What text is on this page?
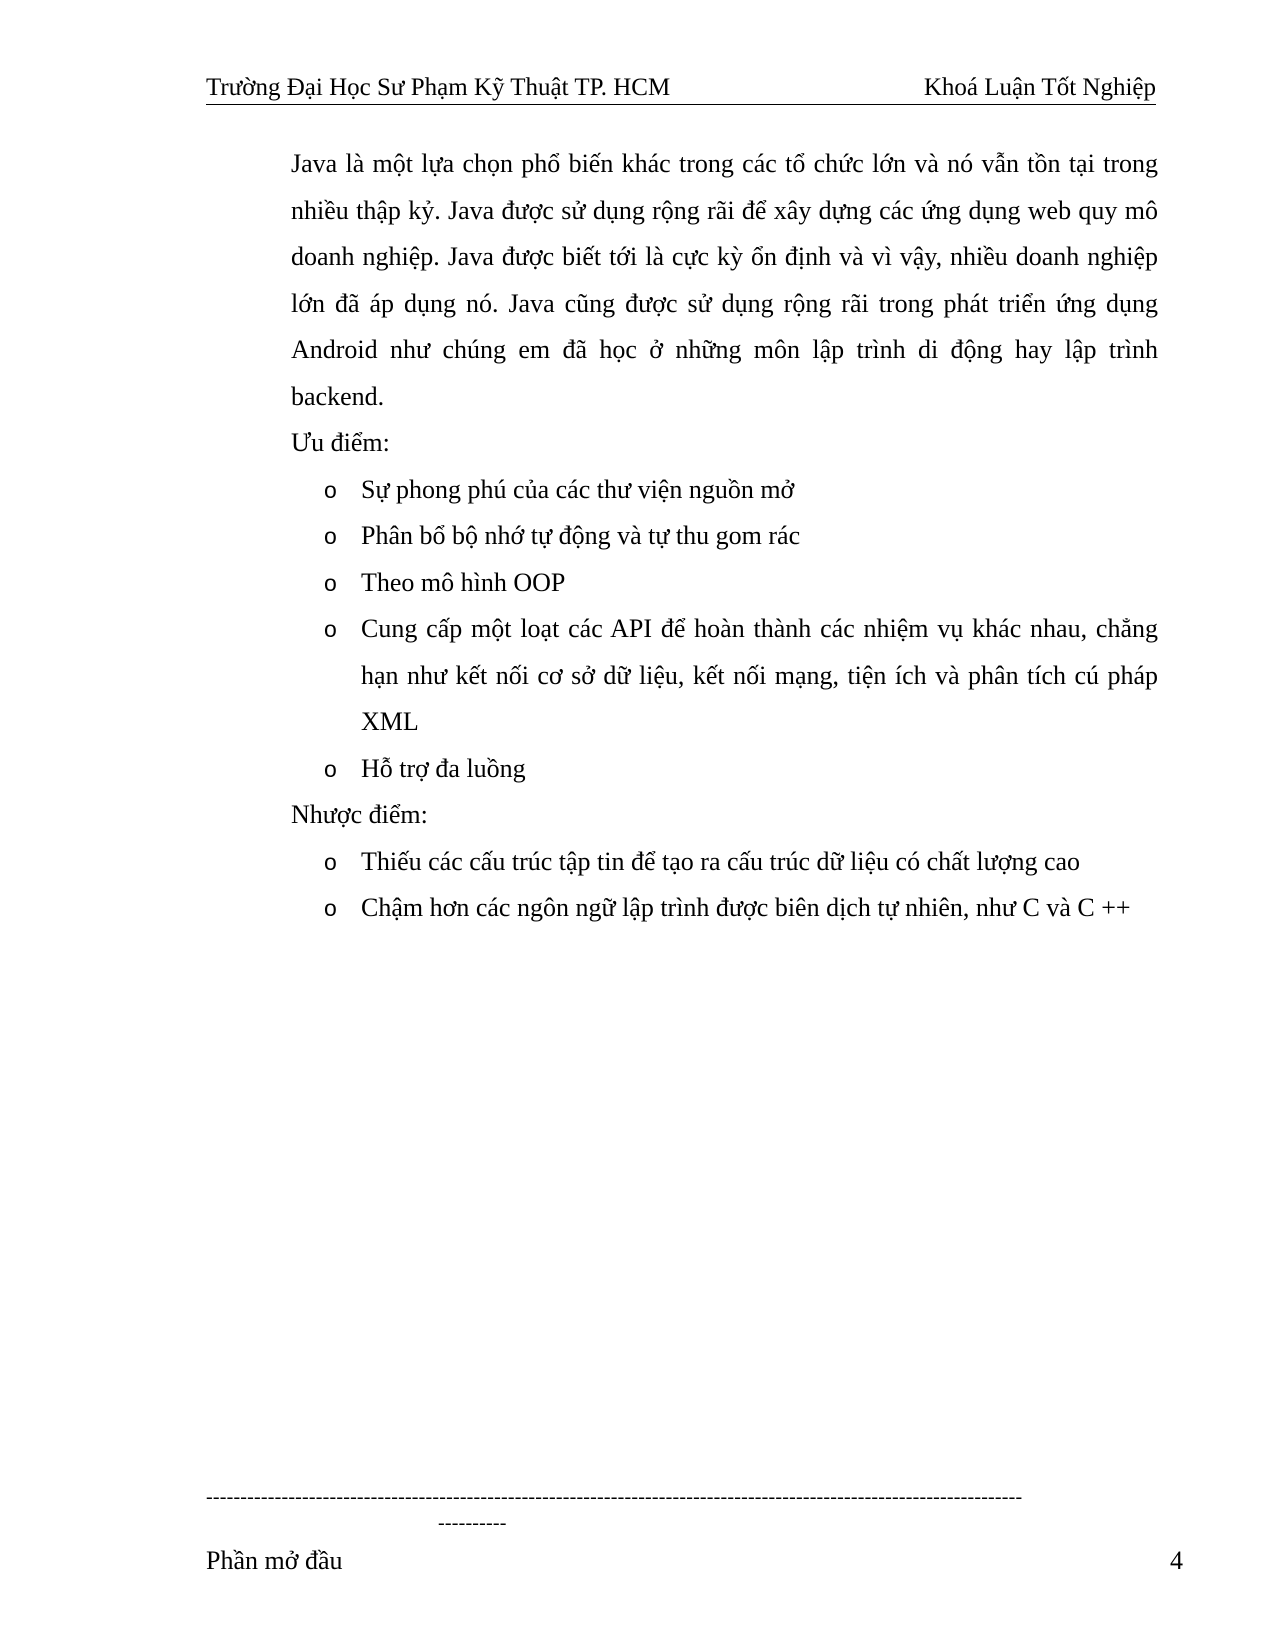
Trường Đại Học Sư Phạm Kỹ Thuật TP. HCM	Khoá Luận Tốt Nghiệp

Java là một lựa chọn phổ biến khác trong các tổ chức lớn và nó vẫn tồn tại trong nhiều thập kỷ. Java được sử dụng rộng rãi để xây dựng các ứng dụng web quy mô doanh nghiệp. Java được biết tới là cực kỳ ổn định và vì vậy, nhiều doanh nghiệp lớn đã áp dụng nó. Java cũng được sử dụng rộng rãi trong phát triển ứng dụng Android như chúng em đã học ở những môn lập trình di động hay lập trình backend.

Ưu điểm:

o Sự phong phú của các thư viện nguồn mở
o Phân bổ bộ nhớ tự động và tự thu gom rác
o Theo mô hình OOP
o Cung cấp một loạt các API để hoàn thành các nhiệm vụ khác nhau, chẳng hạn như kết nối cơ sở dữ liệu, kết nối mạng, tiện ích và phân tích cú pháp XML
o Hỗ trợ đa luồng

Nhược điểm:

o Thiếu các cấu trúc tập tin để tạo ra cấu trúc dữ liệu có chất lượng cao
o Chậm hơn các ngôn ngữ lập trình được biên dịch tự nhiên, như C và C ++
-----------------------------------------------------------------------------------------------------------------------
----------
Phần mở đầu	4
